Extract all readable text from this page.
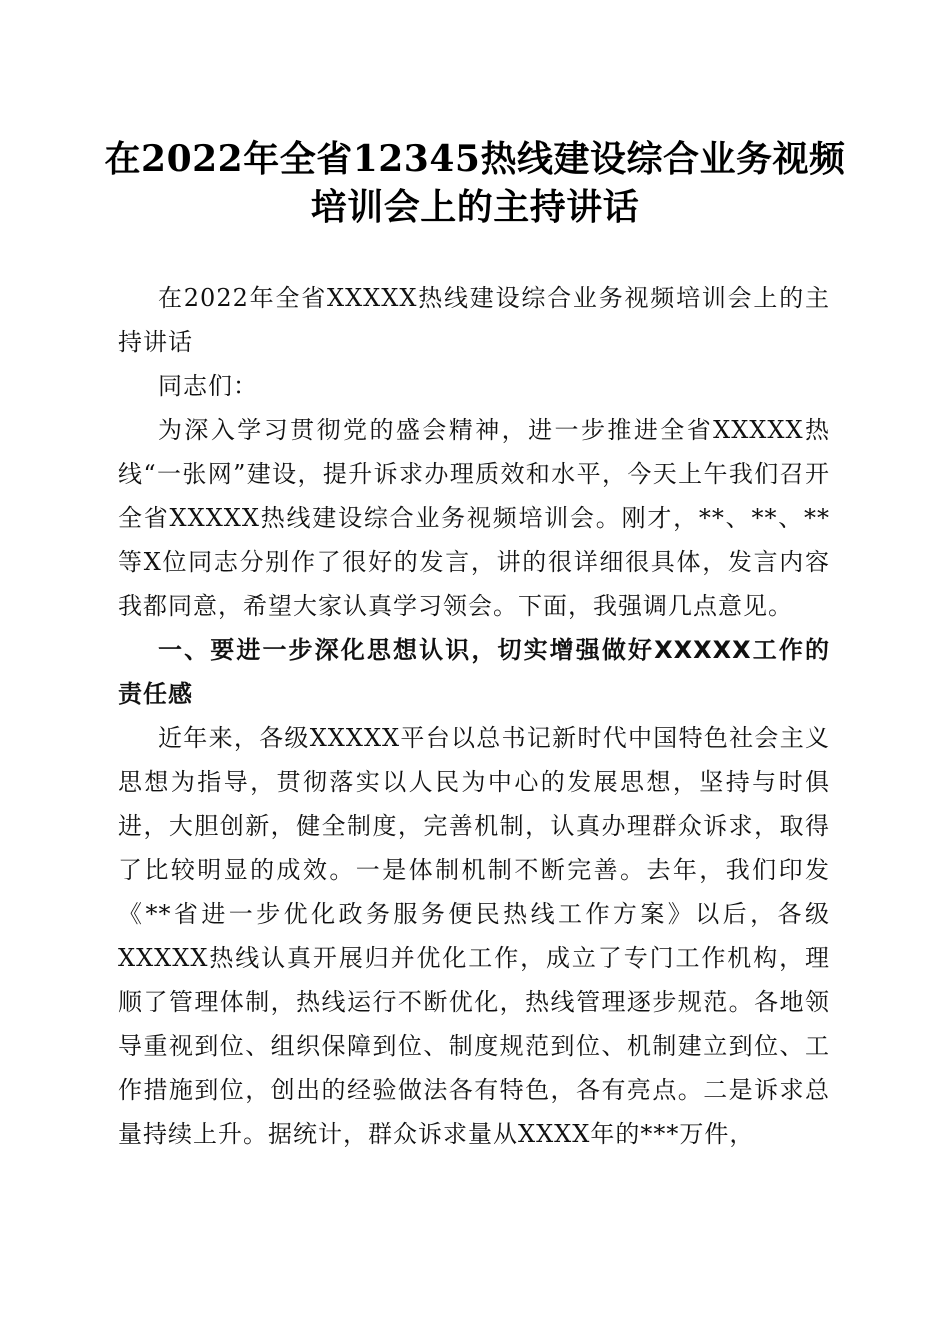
在2022年全省12345热线建设综合业务视频
培训会上的主持讲话

在2022年全省XXXXX热线建设综合业务视频培训会上的主持讲话

同志们：

为深入学习贯彻党的盛会精神，进一步推进全省XXXXX热线“一张网”建设，提升诉求办理质效和水平，今天上午我们召开全省XXXXX热线建设综合业务视频培训会。刚才，**、**、**等X位同志分别作了很好的发言，讲的很详细很具体，发言内容我都同意，希望大家认真学习领会。下面，我强调几点意见。

一、要进一步深化思想认识，切实增强做好XXXXX工作的责任感

近年来，各级XXXXX平台以总书记新时代中国特色社会主义思想为指导，贯彻落实以人民为中心的发展思想，坚持与时俱进，大胆创新，健全制度，完善机制，认真办理群众诉求，取得了比较明显的成效。一是体制机制不断完善。去年，我们印发《**省进一步优化政务服务便民热线工作方案》以后，各级XXXXX热线认真开展归并优化工作，成立了专门工作机构，理顺了管理体制，热线运行不断优化，热线管理逐步规范。各地领导重视到位、组织保障到位、制度规范到位、机制建立到位、工作措施到位，创出的经验做法各有特色，各有亮点。二是诉求总量持续上升。据统计，群众诉求量从XXXX年的***万件，
